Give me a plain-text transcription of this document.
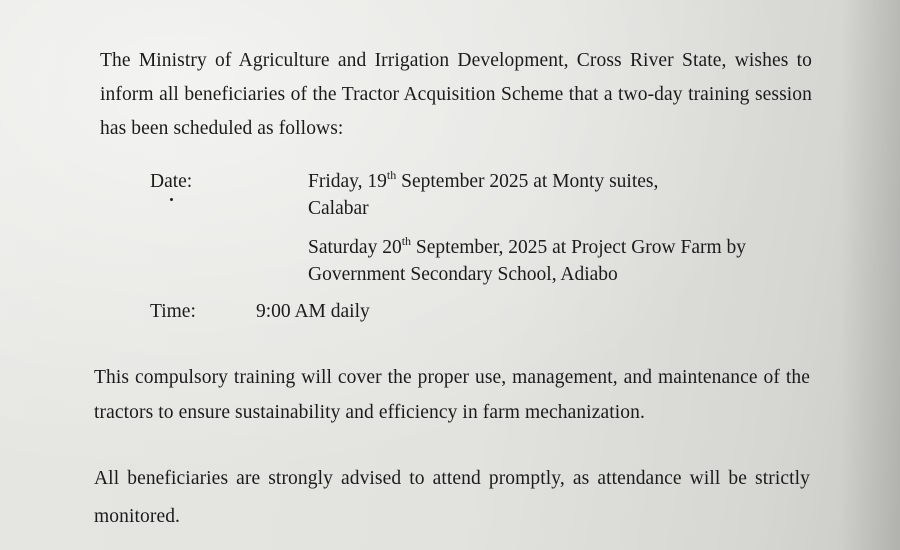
The Ministry of Agriculture and Irrigation Development, Cross River State, wishes to inform all beneficiaries of the Tractor Acquisition Scheme that a two-day training session has been scheduled as follows:
Date:	Friday, 19th September 2025 at Monty suites,
Calabar
Saturday 20th September, 2025 at Project Grow Farm by
Government Secondary School, Adiabo
Time:	9:00 AM daily
This compulsory training will cover the proper use, management, and maintenance of the tractors to ensure sustainability and efficiency in farm mechanization.
All beneficiaries are strongly advised to attend promptly, as attendance will be strictly monitored.
